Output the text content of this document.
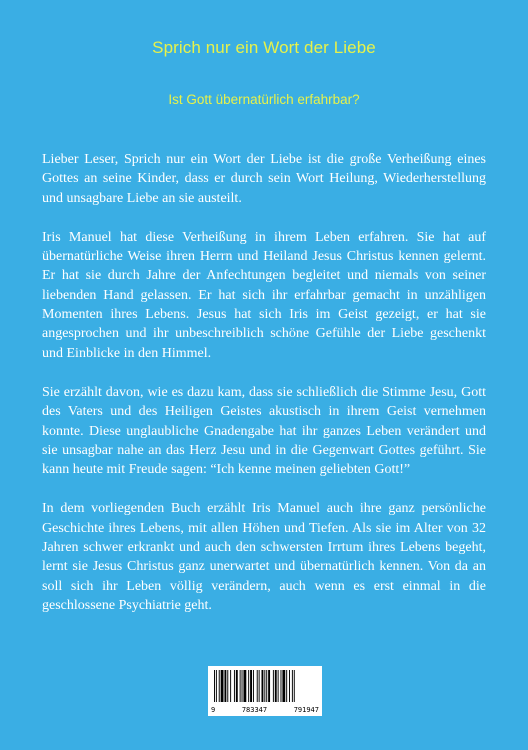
Sprich nur ein Wort der Liebe
Ist Gott übernatürlich erfahrbar?

Lieber Leser, Sprich nur ein Wort der Liebe ist die große Verheißung eines Gottes an seine Kinder, dass er durch sein Wort Heilung, Wiederherstellung und unsagbare Liebe an sie austeilt.

Iris Manuel hat diese Verheißung in ihrem Leben erfahren. Sie hat auf übernatürliche Weise ihren Herrn und Heiland Jesus Christus kennen gelernt. Er hat sie durch Jahre der Anfechtungen begleitet und niemals von seiner liebenden Hand gelassen. Er hat sich ihr erfahrbar gemacht in unzähligen Momenten ihres Lebens. Jesus hat sich Iris im Geist gezeigt, er hat sie angesprochen und ihr unbeschreiblich schöne Gefühle der Liebe geschenkt und Einblicke in den Himmel.

Sie erzählt davon, wie es dazu kam, dass sie schließlich die Stimme Jesu, Gott des Vaters und des Heiligen Geistes akustisch in ihrem Geist vernehmen konnte. Diese unglaubliche Gnadengabe hat ihr ganzes Leben verändert und sie unsagbar nahe an das Herz Jesu und in die Gegenwart Gottes geführt. Sie kann heute mit Freude sagen: “Ich kenne meinen geliebten Gott!”

In dem vorliegenden Buch erzählt Iris Manuel auch ihre ganz persönliche Geschichte ihres Lebens, mit allen Höhen und Tiefen. Als sie im Alter von 32 Jahren schwer erkrankt und auch den schwersten Irrtum ihres Lebens begeht, lernt sie Jesus Christus ganz unerwartet und übernatürlich kennen. Von da an soll sich ihr Leben völlig verändern, auch wenn es erst einmal in die geschlossene Psychiatrie geht.

9	783347	791947
